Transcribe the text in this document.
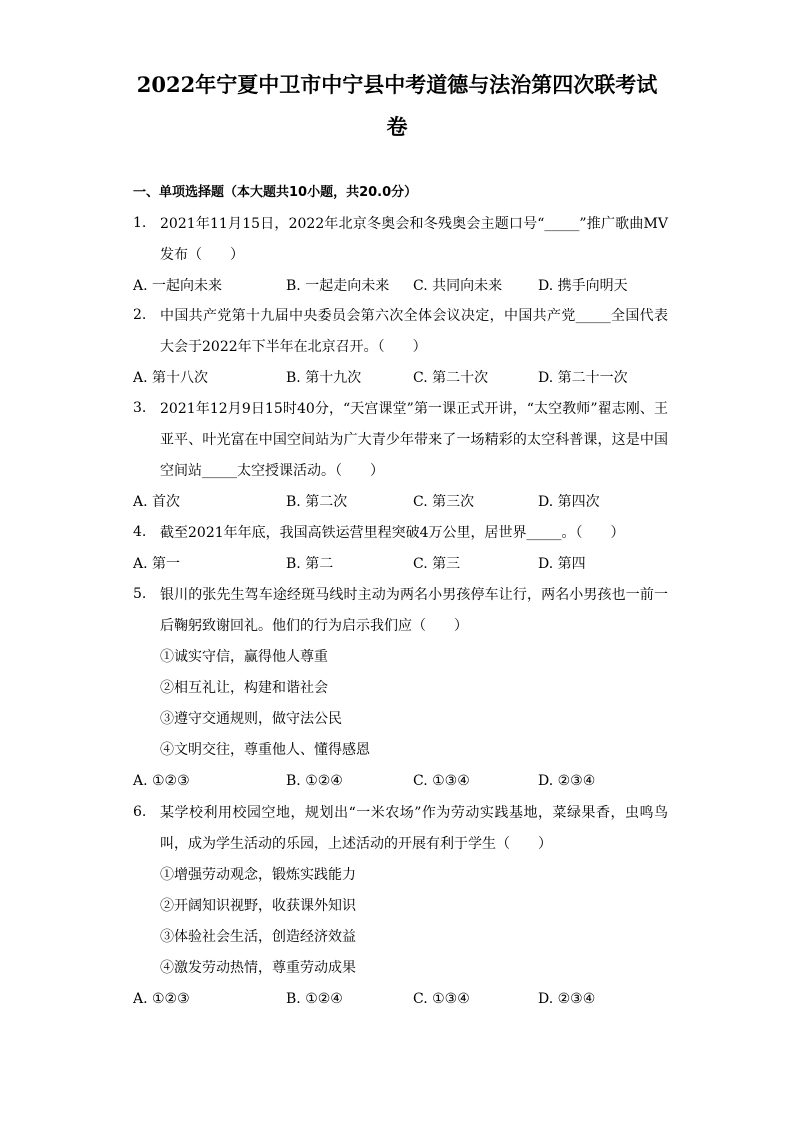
2022年宁夏中卫市中宁县中考道德与法治第四次联考试
卷
一、单项选择题（本大题共10小题，共20.0分）
1. 2021年11月15日，2022年北京冬奥会和冬残奥会主题口号“_____”推广歌曲MV发布（　　）
A. 一起向未来	B. 一起走向未来 C. 共同向未来	D. 携手向明天
2. 中国共产党第十九届中央委员会第六次全体会议决定，中国共产党_____全国代表大会于2022年下半年在北京召开。（　　）
A. 第十八次	B. 第十九次	C. 第二十次	D. 第二十一次
3. 2021年12月9日15时40分，“天宫课堂”第一课正式开讲，“太空教师”翟志刚、王亚平、叶光富在中国空间站为广大青少年带来了一场精彩的太空科普课，这是中国空间站_____太空授课活动。（　　）
A. 首次	B. 第二次	C. 第三次	D. 第四次
4. 截至2021年年底，我国高铁运营里程突破4万公里，居世界_____。（　　）
A. 第一	B. 第二	C. 第三	D. 第四
5. 银川的张先生驾车途经斑马线时主动为两名小男孩停车让行，两名小男孩也一前一后鞠躬致谢回礼。他们的行为启示我们应（　　）
①诚实守信，赢得他人尊重
②相互礼让，构建和谐社会
③遵守交通规则，做守法公民
④文明交往，尊重他人、懂得感恩
A. ①②③	B. ①②④	C. ①③④	D. ②③④
6. 某学校利用校园空地，规划出“一米农场”作为劳动实践基地，菜绿果香，虫鸣鸟叫，成为学生活动的乐园，上述活动的开展有利于学生（　　）
①增强劳动观念，锻炼实践能力
②开阔知识视野，收获课外知识
③体验社会生活，创造经济效益
④激发劳动热情，尊重劳动成果
A. ①②③	B. ①②④	C. ①③④	D. ②③④
